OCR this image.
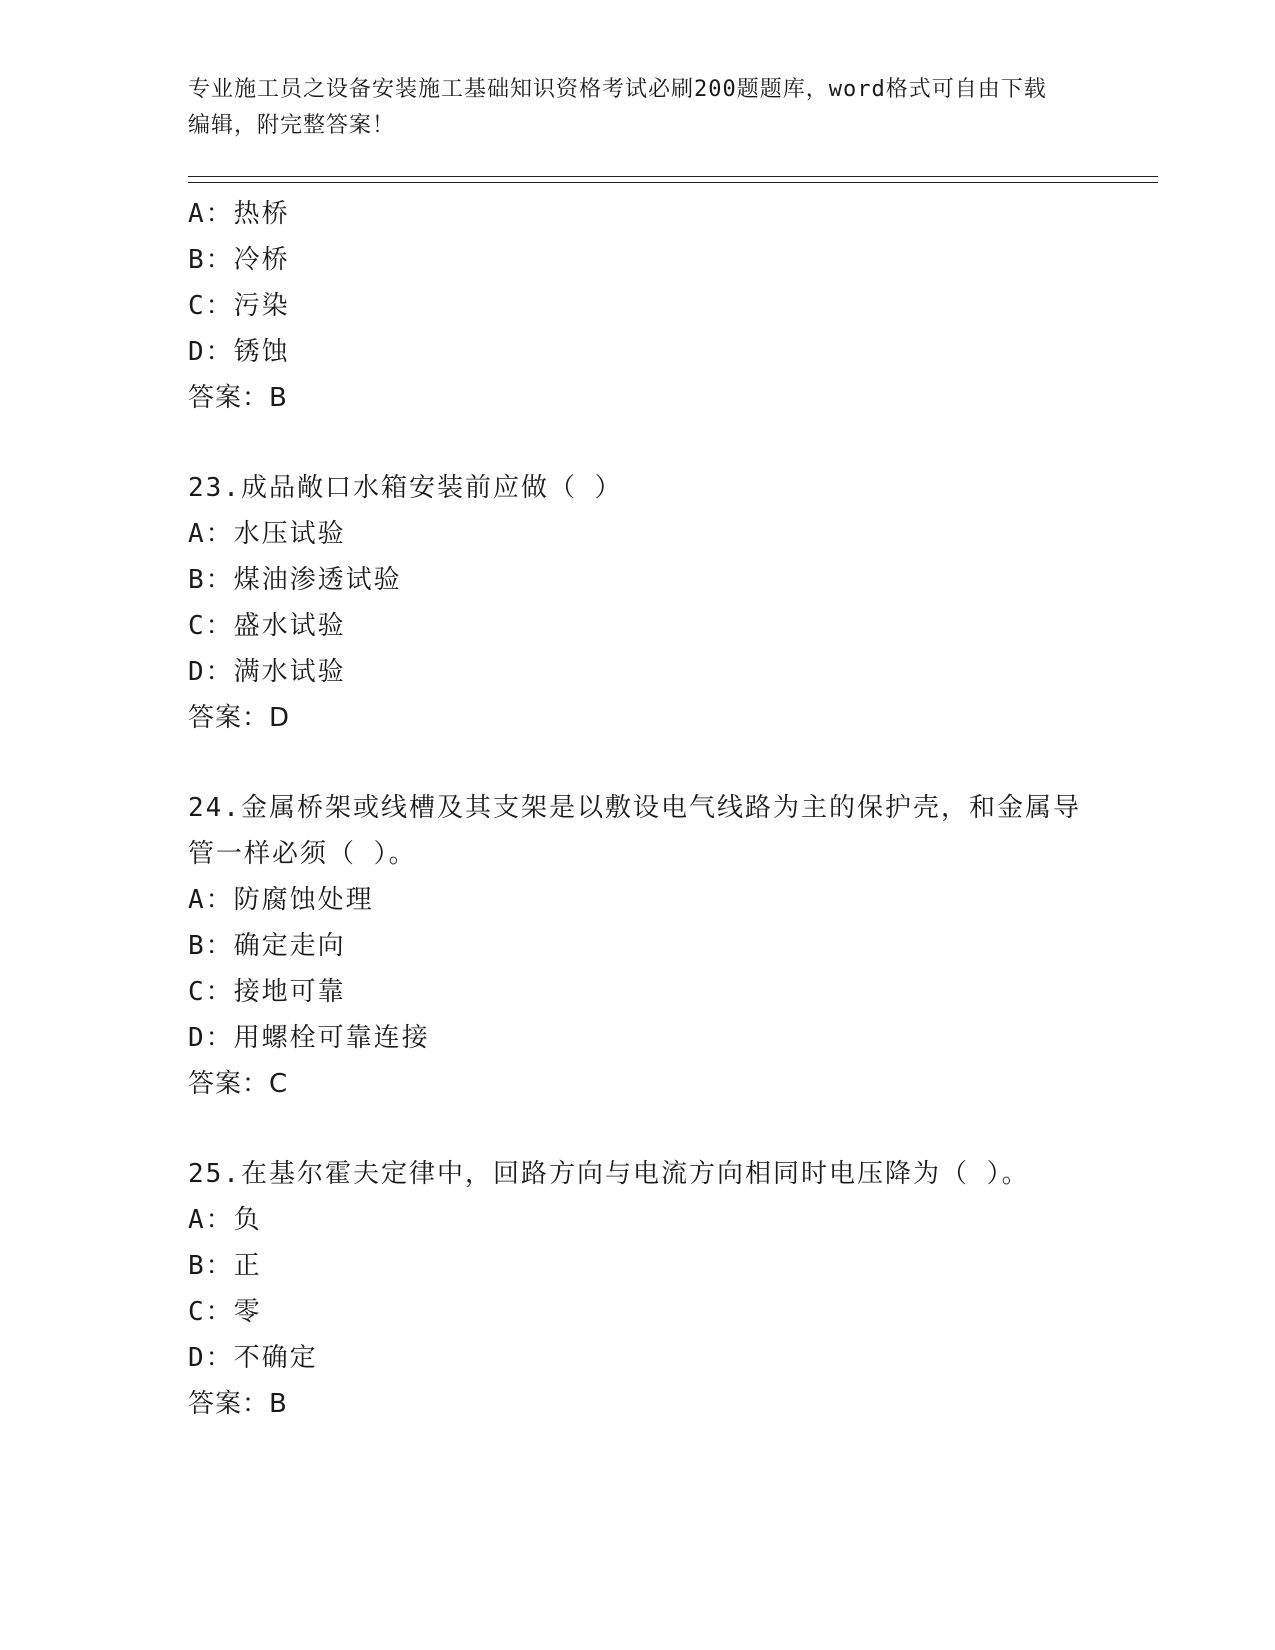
专业施工员之设备安装施工基础知识资格考试必刷200题题库，word格式可自由下载编辑，附完整答案！
A：热桥
B：冷桥
C：污染
D：锈蚀
答案：B
23.成品敞口水箱安装前应做（ ）
A：水压试验
B：煤油渗透试验
C：盛水试验
D：满水试验
答案：D
24.金属桥架或线槽及其支架是以敷设电气线路为主的保护壳，和金属导管一样必须（ ）。
A：防腐蚀处理
B：确定走向
C：接地可靠
D：用螺栓可靠连接
答案：C
25.在基尔霍夫定律中，回路方向与电流方向相同时电压降为（ ）。
A：负
B：正
C：零
D：不确定
答案：B
